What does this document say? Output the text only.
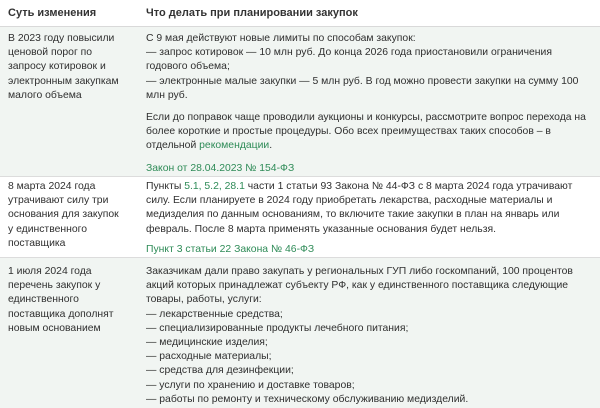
Суть изменения	Что делать при планировании закупок
В 2023 году повысили ценовой порог по запросу котировок и электронным закупкам малого объема

С 9 мая действуют новые лимиты по способам закупок:

— запрос котировок — 10 млн руб. До конца 2026 года приостановили ограничения годового объема;

— электронные малые закупки — 5 млн руб. В год можно провести закупки на сумму 100 млн руб.

Если до поправок чаще проводили аукционы и конкурсы, рассмотрите вопрос перехода на более короткие и простые процедуры. Обо всех преимуществах таких способов – в отдельной рекомендации.

Закон от 28.04.2023 № 154-ФЗ

8 марта 2024 года утрачивают силу три основания для закупок у единственного поставщика

Пункты 5.1, 5.2, 28.1 части 1 статьи 93 Закона № 44-ФЗ с 8 марта 2024 года утрачивают силу. Если планируете в 2024 году приобретать лекарства, расходные материалы и медизделия по данным основаниям, то включите такие закупки в план на январь или февраль. После 8 марта применять указанные основания будет нельзя.

Пункт 3 статьи 22 Закона № 46-ФЗ

1 июля 2024 года перечень закупок у единственного поставщика дополнят новым основанием

Заказчикам дали право закупать у региональных ГУП либо госкомпаний, 100 процентов акций которых принадлежат субъекту РФ, как у единственного поставщика следующие товары, работы, услуги:

— лекарственные средства;
— специализированные продукты лечебного питания;
— медицинские изделия;
— расходные материалы;
— средства для дезинфекции;
— услуги по хранению и доставке товаров;
— работы по ремонту и техническому обслуживанию медизделий.
